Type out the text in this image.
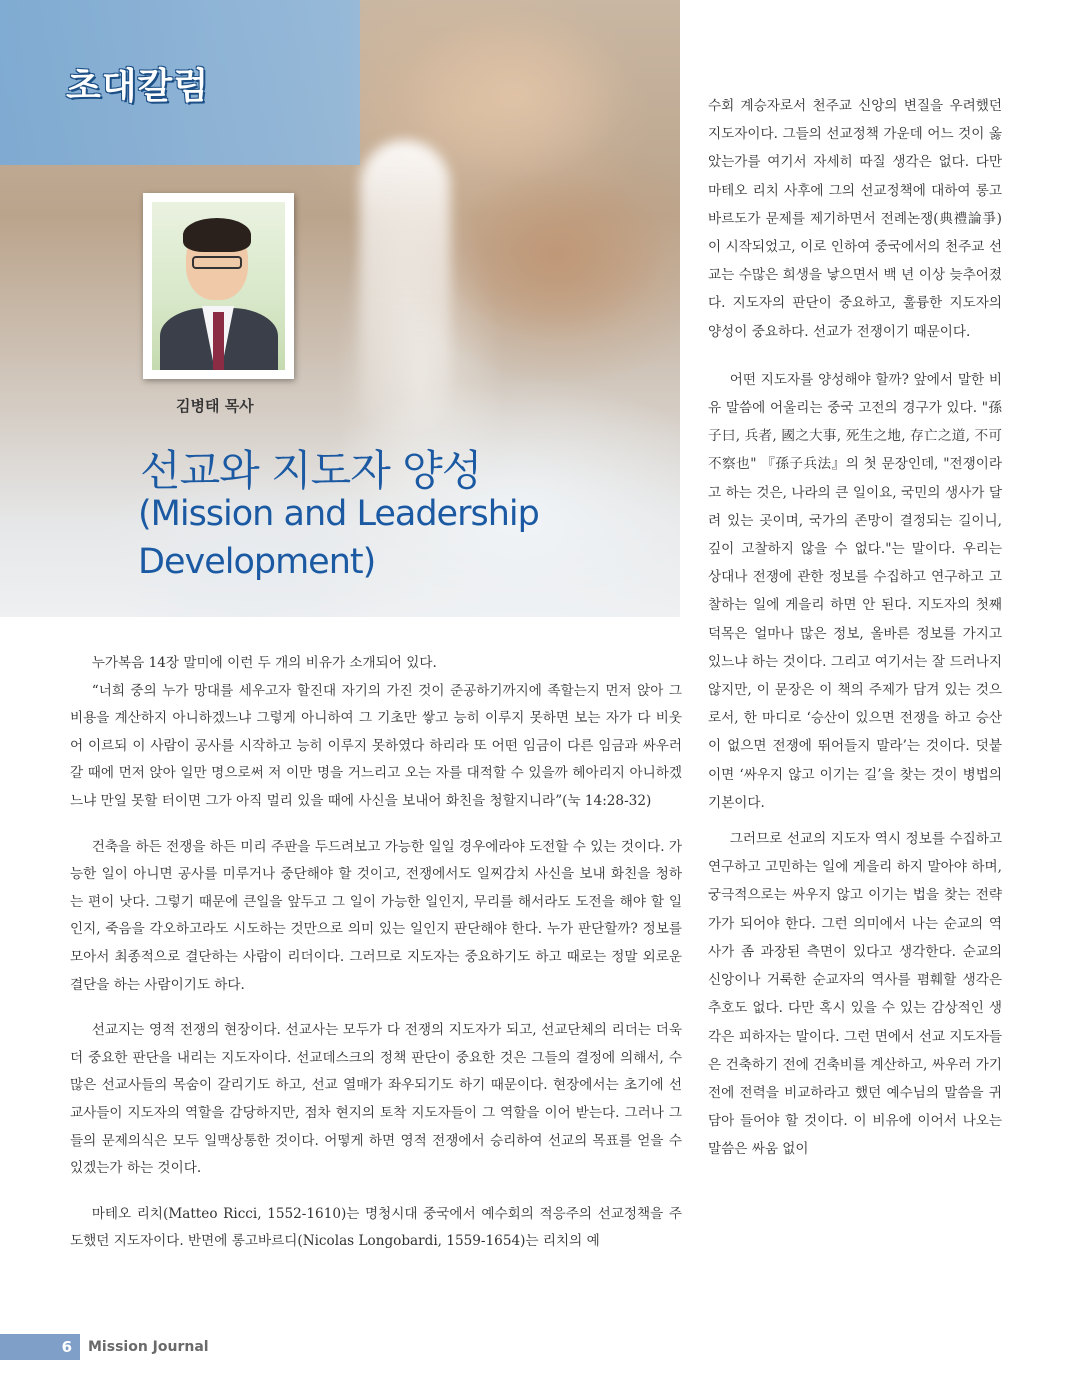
초대칼럼
김병태 목사
선교와 지도자 양성
(Mission and Leadership
Development)

누가복음 14장 말미에 이런 두 개의 비유가 소개되어 있다.

“너희 중의 누가 망대를 세우고자 할진대 자기의 가진 것이 준공하기까지에 족할는지 먼저 앉아 그 비용을 계산하지 아니하겠느냐 그렇게 아니하여 그 기초만 쌓고 능히 이루지 못하면 보는 자가 다 비웃어 이르되 이 사람이 공사를 시작하고 능히 이루지 못하였다 하리라 또 어떤 임금이 다른 임금과 싸우러 갈 때에 먼저 앉아 일만 명으로써 저 이만 명을 거느리고 오는 자를 대적할 수 있을까 헤아리지 아니하겠느냐 만일 못할 터이면 그가 아직 멀리 있을 때에 사신을 보내어 화친을 청할지니라”(눅 14:28-32)

건축을 하든 전쟁을 하든 미리 주판을 두드려보고 가능한 일일 경우에라야 도전할 수 있는 것이다. 가능한 일이 아니면 공사를 미루거나 중단해야 할 것이고, 전쟁에서도 일찌감치 사신을 보내 화친을 청하는 편이 낫다. 그렇기 때문에 큰일을 앞두고 그 일이 가능한 일인지, 무리를 해서라도 도전을 해야 할 일인지, 죽음을 각오하고라도 시도하는 것만으로 의미 있는 일인지 판단해야 한다. 누가 판단할까? 정보를 모아서 최종적으로 결단하는 사람이 리더이다. 그러므로 지도자는 중요하기도 하고 때로는 정말 외로운 결단을 하는 사람이기도 하다.

선교지는 영적 전쟁의 현장이다. 선교사는 모두가 다 전쟁의 지도자가 되고, 선교단체의 리더는 더욱 더 중요한 판단을 내리는 지도자이다. 선교데스크의 정책 판단이 중요한 것은 그들의 결정에 의해서, 수많은 선교사들의 목숨이 갈리기도 하고, 선교 열매가 좌우되기도 하기 때문이다. 현장에서는 초기에 선교사들이 지도자의 역할을 감당하지만, 점차 현지의 토착 지도자들이 그 역할을 이어 받는다. 그러나 그들의 문제의식은 모두 일맥상통한 것이다. 어떻게 하면 영적 전쟁에서 승리하여 선교의 목표를 얻을 수 있겠는가 하는 것이다.

마테오 리치(Matteo Ricci, 1552-1610)는 명청시대 중국에서 예수회의 적응주의 선교정책을 주도했던 지도자이다. 반면에 롱고바르디(Nicolas Longobardi, 1559-1654)는 리치의 예

수회 계승자로서 천주교 신앙의 변질을 우려했던 지도자이다. 그들의 선교정책 가운데 어느 것이 옳았는가를 여기서 자세히 따질 생각은 없다. 다만 마테오 리치 사후에 그의 선교정책에 대하여 롱고바르도가 문제를 제기하면서 전례논쟁(典禮論爭)이 시작되었고, 이로 인하여 중국에서의 천주교 선교는 수많은 희생을 낳으면서 백 년 이상 늦추어졌다. 지도자의 판단이 중요하고, 훌륭한 지도자의 양성이 중요하다. 선교가 전쟁이기 때문이다.

어떤 지도자를 양성해야 할까? 앞에서 말한 비유 말씀에 어울리는 중국 고전의 경구가 있다. "孫子曰, 兵者, 國之大事, 死生之地, 存亡之道, 不可不察也" 『孫子兵法』의 첫 문장인데, "전쟁이라고 하는 것은, 나라의 큰 일이요, 국민의 생사가 달려 있는 곳이며, 국가의 존망이 결정되는 길이니, 깊이 고찰하지 않을 수 없다."는 말이다. 우리는 상대나 전쟁에 관한 정보를 수집하고 연구하고 고찰하는 일에 게을리 하면 안 된다. 지도자의 첫째 덕목은 얼마나 많은 정보, 올바른 정보를 가지고 있느냐 하는 것이다. 그리고 여기서는 잘 드러나지 않지만, 이 문장은 이 책의 주제가 담겨 있는 것으로서, 한 마디로 ‘승산이 있으면 전쟁을 하고 승산이 없으면 전쟁에 뛰어들지 말라’는 것이다. 덧붙이면 ‘싸우지 않고 이기는 길’을 찾는 것이 병법의 기본이다.

그러므로 선교의 지도자 역시 정보를 수집하고 연구하고 고민하는 일에 게을리 하지 말아야 하며, 궁극적으로는 싸우지 않고 이기는 법을 찾는 전략가가 되어야 한다. 그런 의미에서 나는 순교의 역사가 좀 과장된 측면이 있다고 생각한다. 순교의 신앙이나 거룩한 순교자의 역사를 폄훼할 생각은 추호도 없다. 다만 혹시 있을 수 있는 감상적인 생각은 피하자는 말이다. 그런 면에서 선교 지도자들은 건축하기 전에 건축비를 계산하고, 싸우러 가기 전에 전력을 비교하라고 했던 예수님의 말씀을 귀담아 들어야 할 것이다. 이 비유에 이어서 나오는 말씀은 싸움 없이

6	Mission Journal
